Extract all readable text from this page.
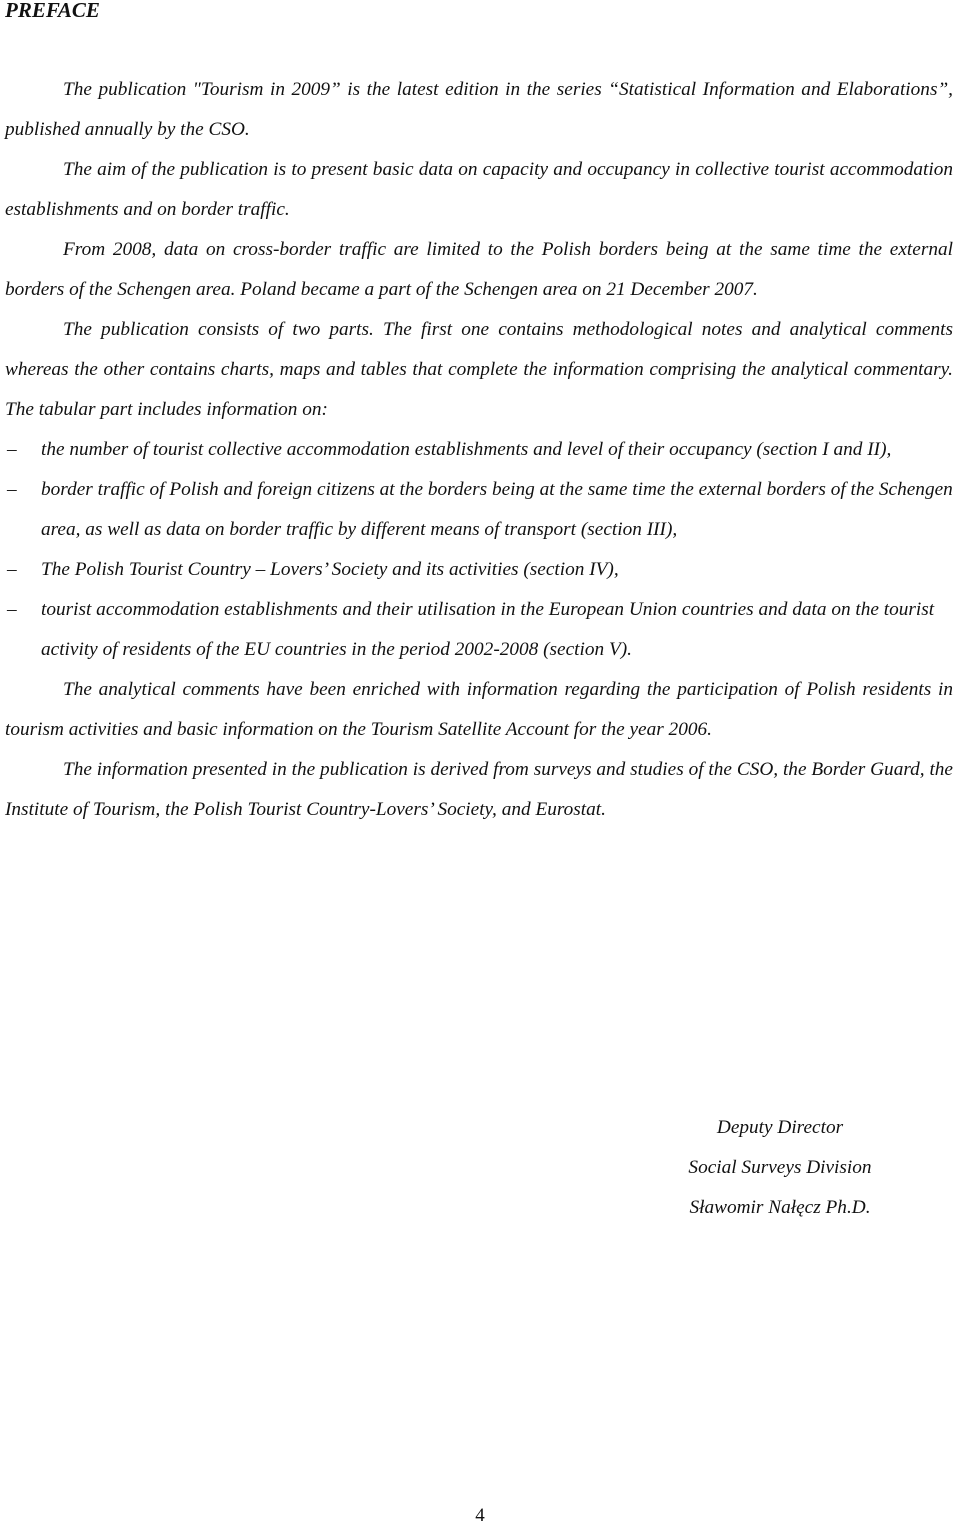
PREFACE

The publication "Tourism in 2009” is the latest edition in the series “Statistical Information and Elaborations”, published annually by the CSO.

The aim of the publication is to present basic data on capacity and occupancy in collective tourist accommodation establishments and on border traffic.

From 2008, data on cross-border traffic are limited to the Polish borders being at the same time the external borders of the Schengen area. Poland became a part of the Schengen area on 21 December 2007.

The publication consists of two parts. The first one contains methodological notes and analytical comments whereas the other contains charts, maps and tables that complete the information comprising the analytical commentary. The tabular part includes information on:

– the number of tourist collective accommodation establishments and level of their occupancy (section I and II),
– border traffic of Polish and foreign citizens at the borders being at the same time the external borders of the Schengen area, as well as data on border traffic by different means of transport (section III),
– The Polish Tourist Country – Lovers’ Society and its activities (section IV),
– tourist accommodation establishments and their utilisation in the European Union countries and data on the tourist activity of residents of the EU countries in the period 2002-2008 (section V).

The analytical comments have been enriched with information regarding the participation of Polish residents in tourism activities and basic information on the Tourism Satellite Account for the year 2006.

The information presented in the publication is derived from surveys and studies of the CSO, the Border Guard, the Institute of Tourism, the Polish Tourist Country-Lovers’ Society, and Eurostat.

Deputy Director

Social Surveys Division

Sławomir Nałęcz Ph.D.

4
